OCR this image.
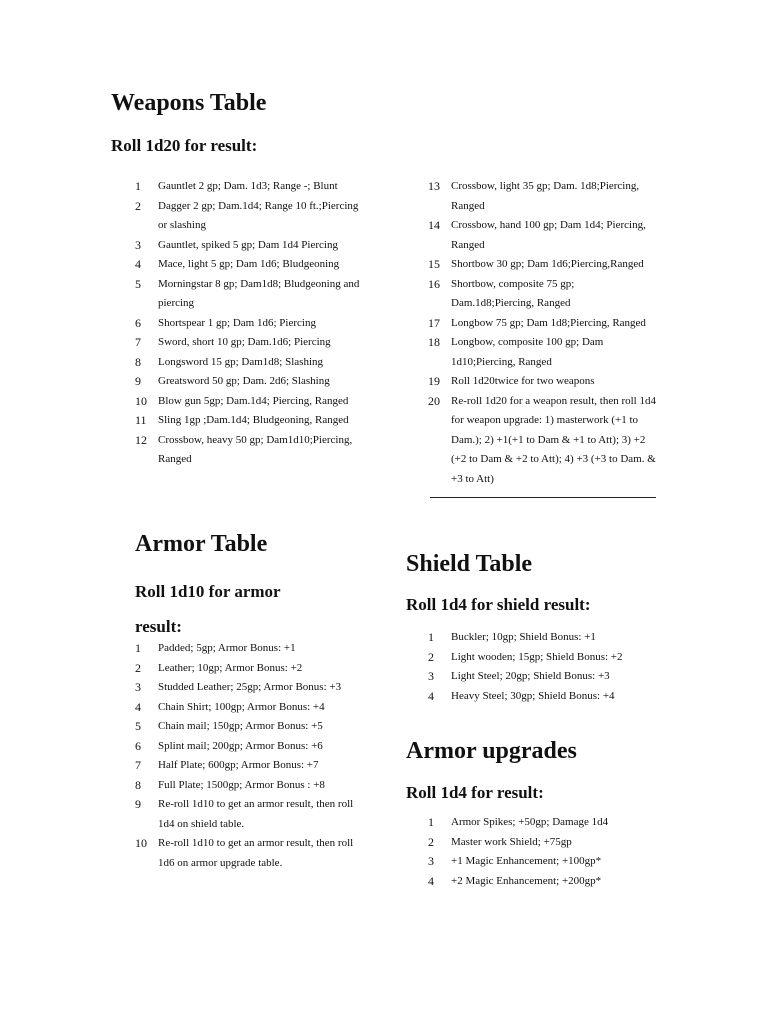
Weapons Table
Roll 1d20 for result:
1	Gauntlet 2 gp; Dam. 1d3; Range -; Blunt
2	Dagger 2 gp; Dam.1d4; Range 10 ft.;Piercing or slashing
3	Gauntlet, spiked 5 gp; Dam 1d4 Piercing
4	Mace, light 5 gp; Dam 1d6; Bludgeoning
5	Morningstar 8 gp; Dam1d8; Bludgeoning and piercing
6	Shortspear 1 gp; Dam 1d6; Piercing
7	Sword, short 10 gp; Dam.1d6; Piercing
8	Longsword 15 gp; Dam1d8; Slashing
9	Greatsword 50 gp; Dam. 2d6; Slashing
10	Blow gun 5gp; Dam.1d4; Piercing, Ranged
11	Sling 1gp ;Dam.1d4; Bludgeoning, Ranged
12	Crossbow, heavy 50 gp; Dam1d10;Piercing, Ranged
13	Crossbow, light 35 gp; Dam. 1d8;Piercing, Ranged
14	Crossbow, hand 100 gp; Dam 1d4; Piercing, Ranged
15	Shortbow 30 gp; Dam 1d6;Piercing,Ranged
16	Shortbow, composite 75 gp; Dam.1d8;Piercing, Ranged
17	Longbow 75 gp; Dam 1d8;Piercing, Ranged
18	Longbow, composite 100 gp; Dam 1d10;Piercing, Ranged
19	Roll 1d20twice for two weapons
20	Re-roll 1d20 for a weapon result, then roll 1d4 for weapon upgrade: 1) masterwork (+1 to Dam.); 2) +1(+1 to Dam & +1 to Att); 3) +2 (+2 to Dam & +2 to Att); 4) +3 (+3 to Dam. & +3 to Att)
Armor Table
Roll 1d10 for armor
result:
1	Padded; 5gp; Armor Bonus: +1
2	Leather; 10gp; Armor Bonus: +2
3	Studded Leather; 25gp; Armor Bonus: +3
4	Chain Shirt; 100gp; Armor Bonus: +4
5	Chain mail; 150gp; Armor Bonus: +5
6	Splint mail; 200gp; Armor Bonus: +6
7	Half Plate; 600gp; Armor Bonus: +7
8	Full Plate; 1500gp; Armor Bonus : +8
9	Re-roll 1d10 to get an armor result, then roll 1d4 on shield table.
10	Re-roll 1d10 to get an armor result, then roll 1d6 on armor upgrade table.
Shield Table
Roll 1d4 for shield result:
1	Buckler; 10gp; Shield Bonus: +1
2	Light wooden; 15gp; Shield Bonus: +2
3	Light Steel; 20gp; Shield Bonus: +3
4	Heavy Steel; 30gp; Shield Bonus: +4
Armor upgrades
Roll 1d4 for result:
1	Armor Spikes; +50gp; Damage 1d4
2	Master work Shield; +75gp
3	+1 Magic Enhancement; +100gp*
4	+2 Magic Enhancement; +200gp*
